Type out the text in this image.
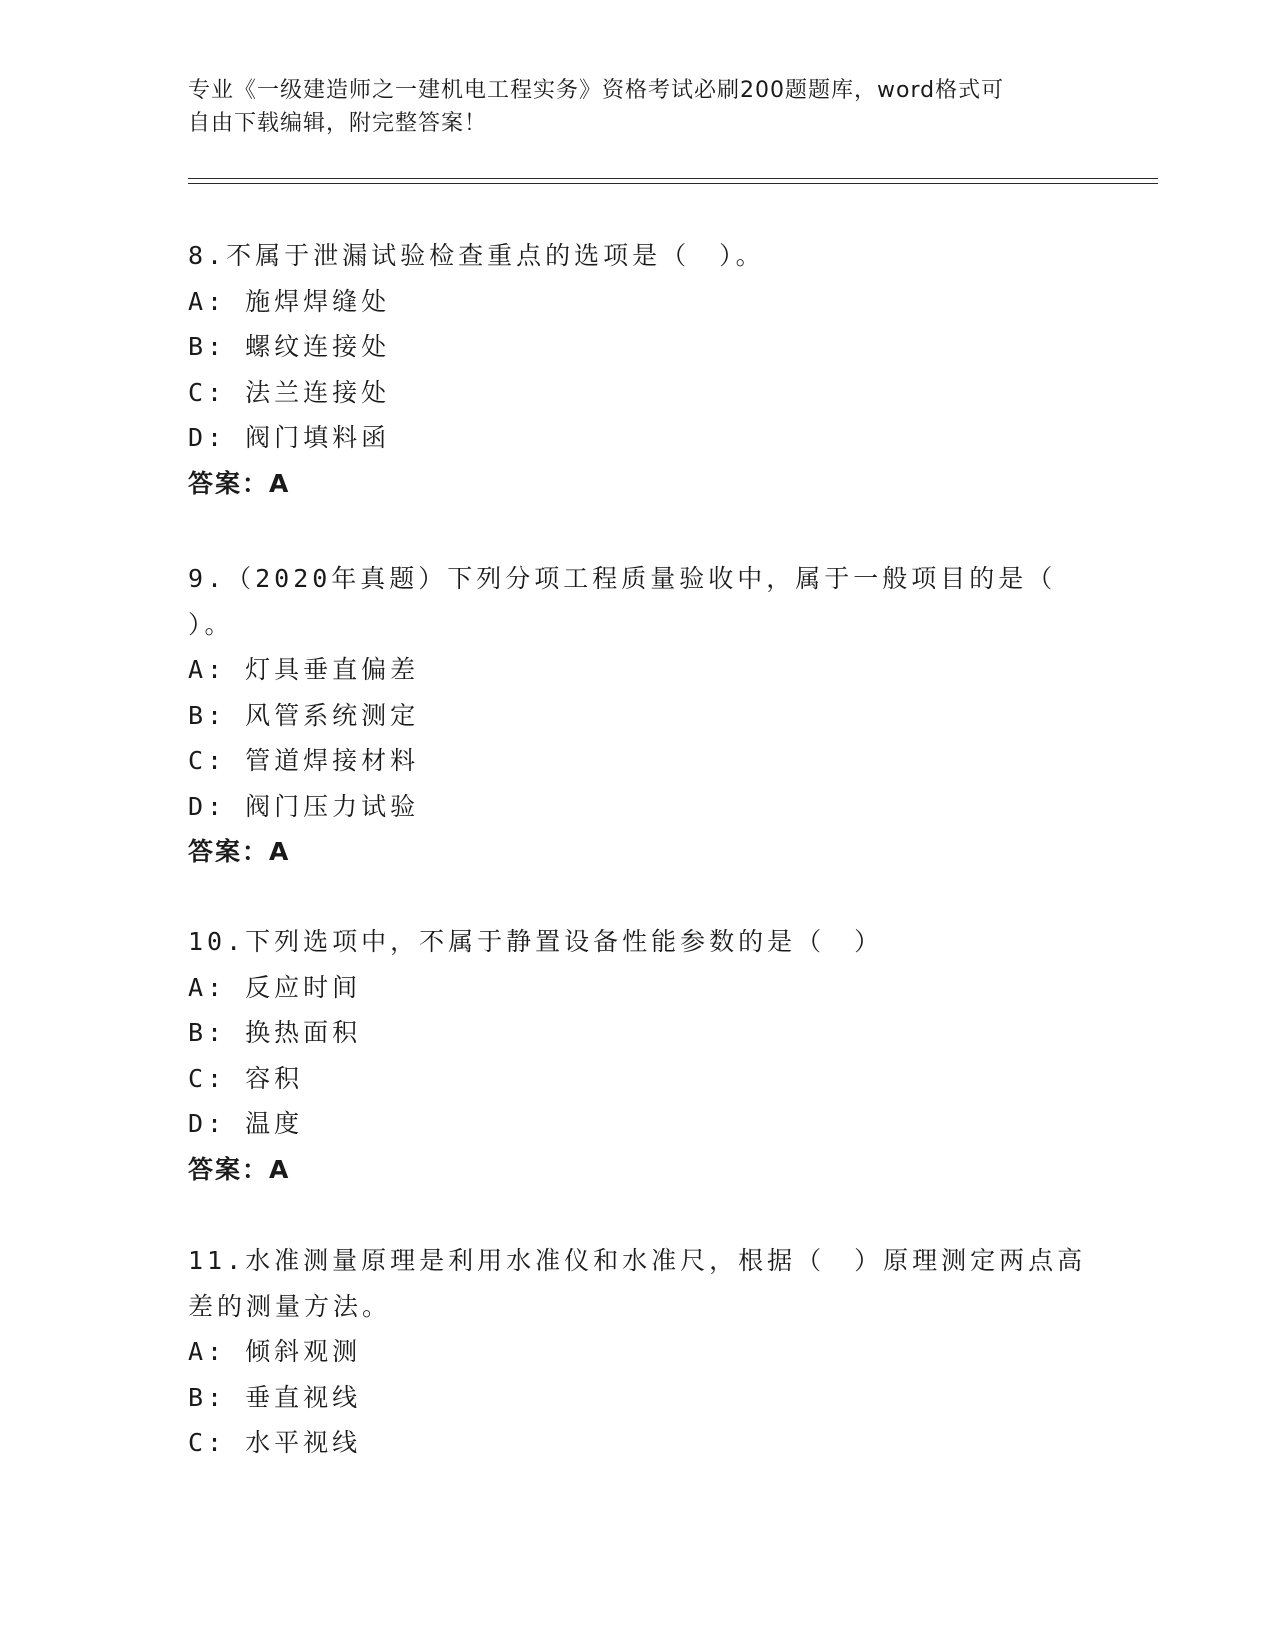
专业《一级建造师之一建机电工程实务》资格考试必刷200题题库，word格式可
自由下载编辑，附完整答案！
8.不属于泄漏试验检查重点的选项是（　）。
A: 施焊焊缝处
B: 螺纹连接处
C: 法兰连接处
D: 阀门填料函
答案：A
9.（2020年真题）下列分项工程质量验收中，属于一般项目的是（
）。
A: 灯具垂直偏差
B: 风管系统测定
C: 管道焊接材料
D: 阀门压力试验
答案：A
10.下列选项中，不属于静置设备性能参数的是（　）
A: 反应时间
B: 换热面积
C: 容积
D: 温度
答案：A
11.水准测量原理是利用水准仪和水准尺，根据（　）原理测定两点高
差的测量方法。
A: 倾斜观测
B: 垂直视线
C: 水平视线
